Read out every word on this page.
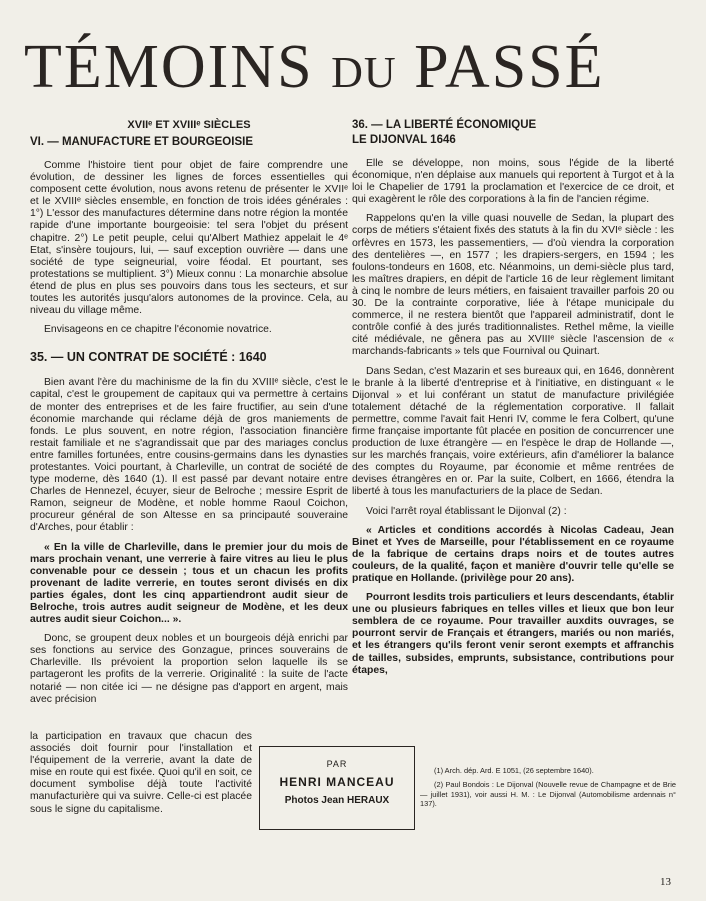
TÉMOINS DU PASSÉ
XVIIᵉ ET XVIIIᵉ SIÈCLES
VI. — MANUFACTURE ET BOURGEOISIE

Comme l'histoire tient pour objet de faire comprendre une évolution, de dessiner les lignes de forces essentielles qui composent cette évolution, nous avons retenu de présenter le XVIIᵉ et le XVIIIᵉ siècles ensemble, en fonction de trois idées générales : 1°) L'essor des manufactures détermine dans notre région la montée rapide d'une importante bourgeoisie: tel sera l'objet du présent chapitre. 2°) Le petit peuple, celui qu'Albert Mathiez appelait le 4ᵉ Etat, s'insère toujours, lui, — sauf exception ouvrière — dans une société de type seigneurial, voire féodal. Et pourtant, ses protestations se multiplient. 3°) Mieux connu : La monarchie absolue étend de plus en plus ses pouvoirs dans tous les secteurs, et sur toutes les autorités jusqu'alors autonomes de la province. Cela, au niveau du village même.

Envisageons en ce chapitre l'économie novatrice.

35. — UN CONTRAT DE SOCIÉTÉ : 1640

Bien avant l'ère du machinisme de la fin du XVIIIᵉ siècle, c'est le capital, c'est le groupement de capitaux qui va permettre à certains de monter des entreprises et de les faire fructifier, au sein d'une économie marchande qui réclame déjà de gros maniements de fonds. Le plus souvent, en notre région, l'association financière restait familiale et ne s'agrandissait que par des mariages conclus entre familles fortunées, entre cousins-germains dans les dynasties protestantes. Voici pourtant, à Charleville, un contrat de société de type moderne, dès 1640 (1). Il est passé par devant notaire entre Charles de Hennezel, écuyer, sieur de Belroche ; messire Esprit de Ramon, seigneur de Modène, et noble homme Raoul Coichon, procureur général de son Altesse en sa principauté souveraine d'Arches, pour établir :

« En la ville de Charleville, dans le premier jour du mois de mars prochain venant, une verrerie à faire vitres au lieu le plus convenable pour ce dessein ; tous et un chacun les profits provenant de ladite verrerie, en toutes seront divisés en dix parties égales, dont les cinq appartiendront audit sieur de Belroche, trois autres audit seigneur de Modène, et les deux autres audit sieur Coichon... ».

Donc, se groupent deux nobles et un bourgeois déjà enrichi par ses fonctions au service des Gonzague, princes souverains de Charleville. Ils prévoient la proportion selon laquelle ils se partageront les profits de la verrerie. Originalité : la suite de l'acte notarié — non citée ici — ne désigne pas d'apport en argent, mais avec précision

la participation en travaux que chacun des associés doit fournir pour l'installation et l'équipement de la verrerie, avant la date de mise en route qui est fixée. Quoi qu'il en soit, ce document symbolise déjà toute l'activité manufacturière qui va suivre. Celle-ci est placée sous le signe du capitalisme.

36. — LA LIBERTÉ ÉCONOMIQUE
LE DIJONVAL 1646

Elle se développe, non moins, sous l'égide de la liberté économique, n'en déplaise aux manuels qui reportent à Turgot et à la loi le Chapelier de 1791 la proclamation et l'exercice de ce droit, et qui exagèrent le rôle des corporations à la fin de l'ancien régime.

Rappelons qu'en la ville quasi nouvelle de Sedan, la plupart des corps de métiers s'étaient fixés des statuts à la fin du XVIᵉ siècle : les orfèvres en 1573, les passementiers, — d'où viendra la corporation des dentelières —, en 1577 ; les drapiers-sergers, en 1594 ; les foulons-tondeurs en 1608, etc. Néanmoins, un demi-siècle plus tard, les maîtres drapiers, en dépit de l'article 16 de leur règlement limitant à cinq le nombre de leurs métiers, en faisaient travailler parfois 20 ou 30. De la contrainte corporative, liée à l'étape municipale du commerce, il ne restera bientôt que l'appareil administratif, dont le contrôle confié à des jurés traditionnalistes. Rethel même, la vieille cité médiévale, ne gênera pas au XVIIIᵉ siècle l'ascension de « marchands-fabricants » tels que Fournival ou Quinart.

Dans Sedan, c'est Mazarin et ses bureaux qui, en 1646, donnèrent le branle à la liberté d'entreprise et à l'initiative, en distinguant « le Dijonval » et lui conférant un statut de manufacture privilégiée totalement détaché de la réglementation corporative. Il fallait permettre, comme l'avait fait Henri IV, comme le fera Colbert, qu'une firme française importante fût placée en position de concurrencer une production de luxe étrangère — en l'espèce le drap de Hollande —, sur les marchés français, voire extérieurs, afin d'améliorer la balance des comptes du Royaume, par économie et même rentrées de devises étrangères en or. Par la suite, Colbert, en 1666, étendra la liberté à tous les manufacturiers de la place de Sedan.

Voici l'arrêt royal établissant le Dijonval (2) :

« Articles et conditions accordés à Nicolas Cadeau, Jean Binet et Yves de Marseille, pour l'établissement en ce royaume de la fabrique de certains draps noirs et de toutes autres couleurs, de la qualité, façon et manière d'ouvrir telle qu'elle se pratique en Hollande. (privilège pour 20 ans).

Pourront lesdits trois particuliers et leurs descendants, établir une ou plusieurs fabriques en telles villes et lieux que bon leur semblera de ce royaume. Pour travailler auxdits ouvrages, se pourront servir de Français et étrangers, mariés ou non mariés, et les étrangers qu'ils feront venir seront exempts et affranchis de tailles, subsides, emprunts, subsistance, contributions pour étapes,

PAR
HENRI MANCEAU
Photos Jean HERAUX

(1) Arch. dép. Ard. E 1051, (26 septembre 1640).

(2) Paul Bondois : Le Dijonval (Nouvelle revue de Champagne et de Brie — juillet 1931), voir aussi H. M. : Le Dijonval (Automobilisme ardennais n° 137).

13
